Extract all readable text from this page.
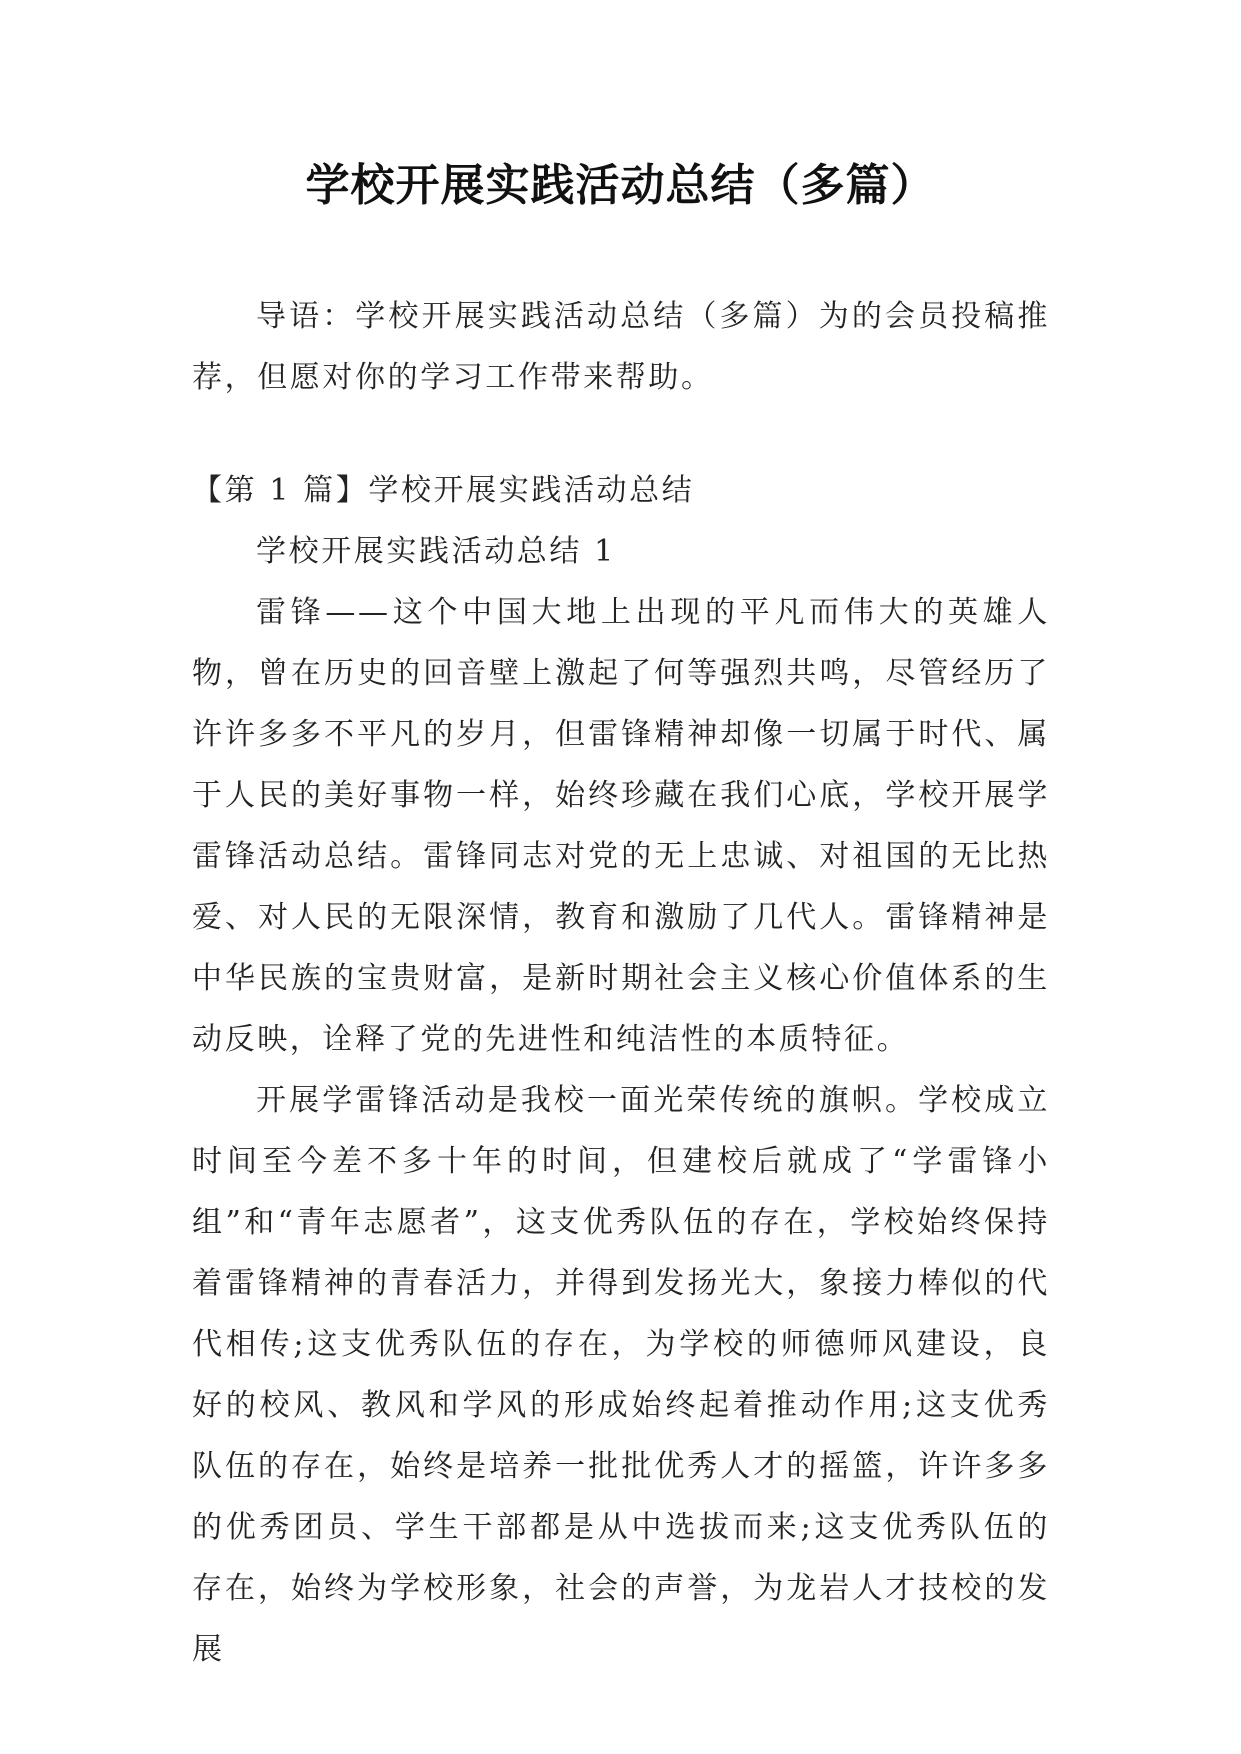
学校开展实践活动总结（多篇）

导语：学校开展实践活动总结（多篇）为的会员投稿推荐，但愿对你的学习工作带来帮助。

【第 1 篇】学校开展实践活动总结

学校开展实践活动总结 1

雷锋——这个中国大地上出现的平凡而伟大的英雄人物，曾在历史的回音壁上激起了何等强烈共鸣，尽管经历了许许多多不平凡的岁月，但雷锋精神却像一切属于时代、属于人民的美好事物一样，始终珍藏在我们心底，学校开展学雷锋活动总结。雷锋同志对党的无上忠诚、对祖国的无比热爱、对人民的无限深情，教育和激励了几代人。雷锋精神是中华民族的宝贵财富，是新时期社会主义核心价值体系的生动反映，诠释了党的先进性和纯洁性的本质特征。

开展学雷锋活动是我校一面光荣传统的旗帜。学校成立时间至今差不多十年的时间，但建校后就成了“学雷锋小组”和“青年志愿者”，这支优秀队伍的存在，学校始终保持着雷锋精神的青春活力，并得到发扬光大，象接力棒似的代代相传;这支优秀队伍的存在，为学校的师德师风建设，良好的校风、教风和学风的形成始终起着推动作用;这支优秀队伍的存在，始终是培养一批批优秀人才的摇篮，许许多多的优秀团员、学生干部都是从中选拔而来;这支优秀队伍的存在，始终为学校形象，社会的声誉，为龙岩人才技校的发展
